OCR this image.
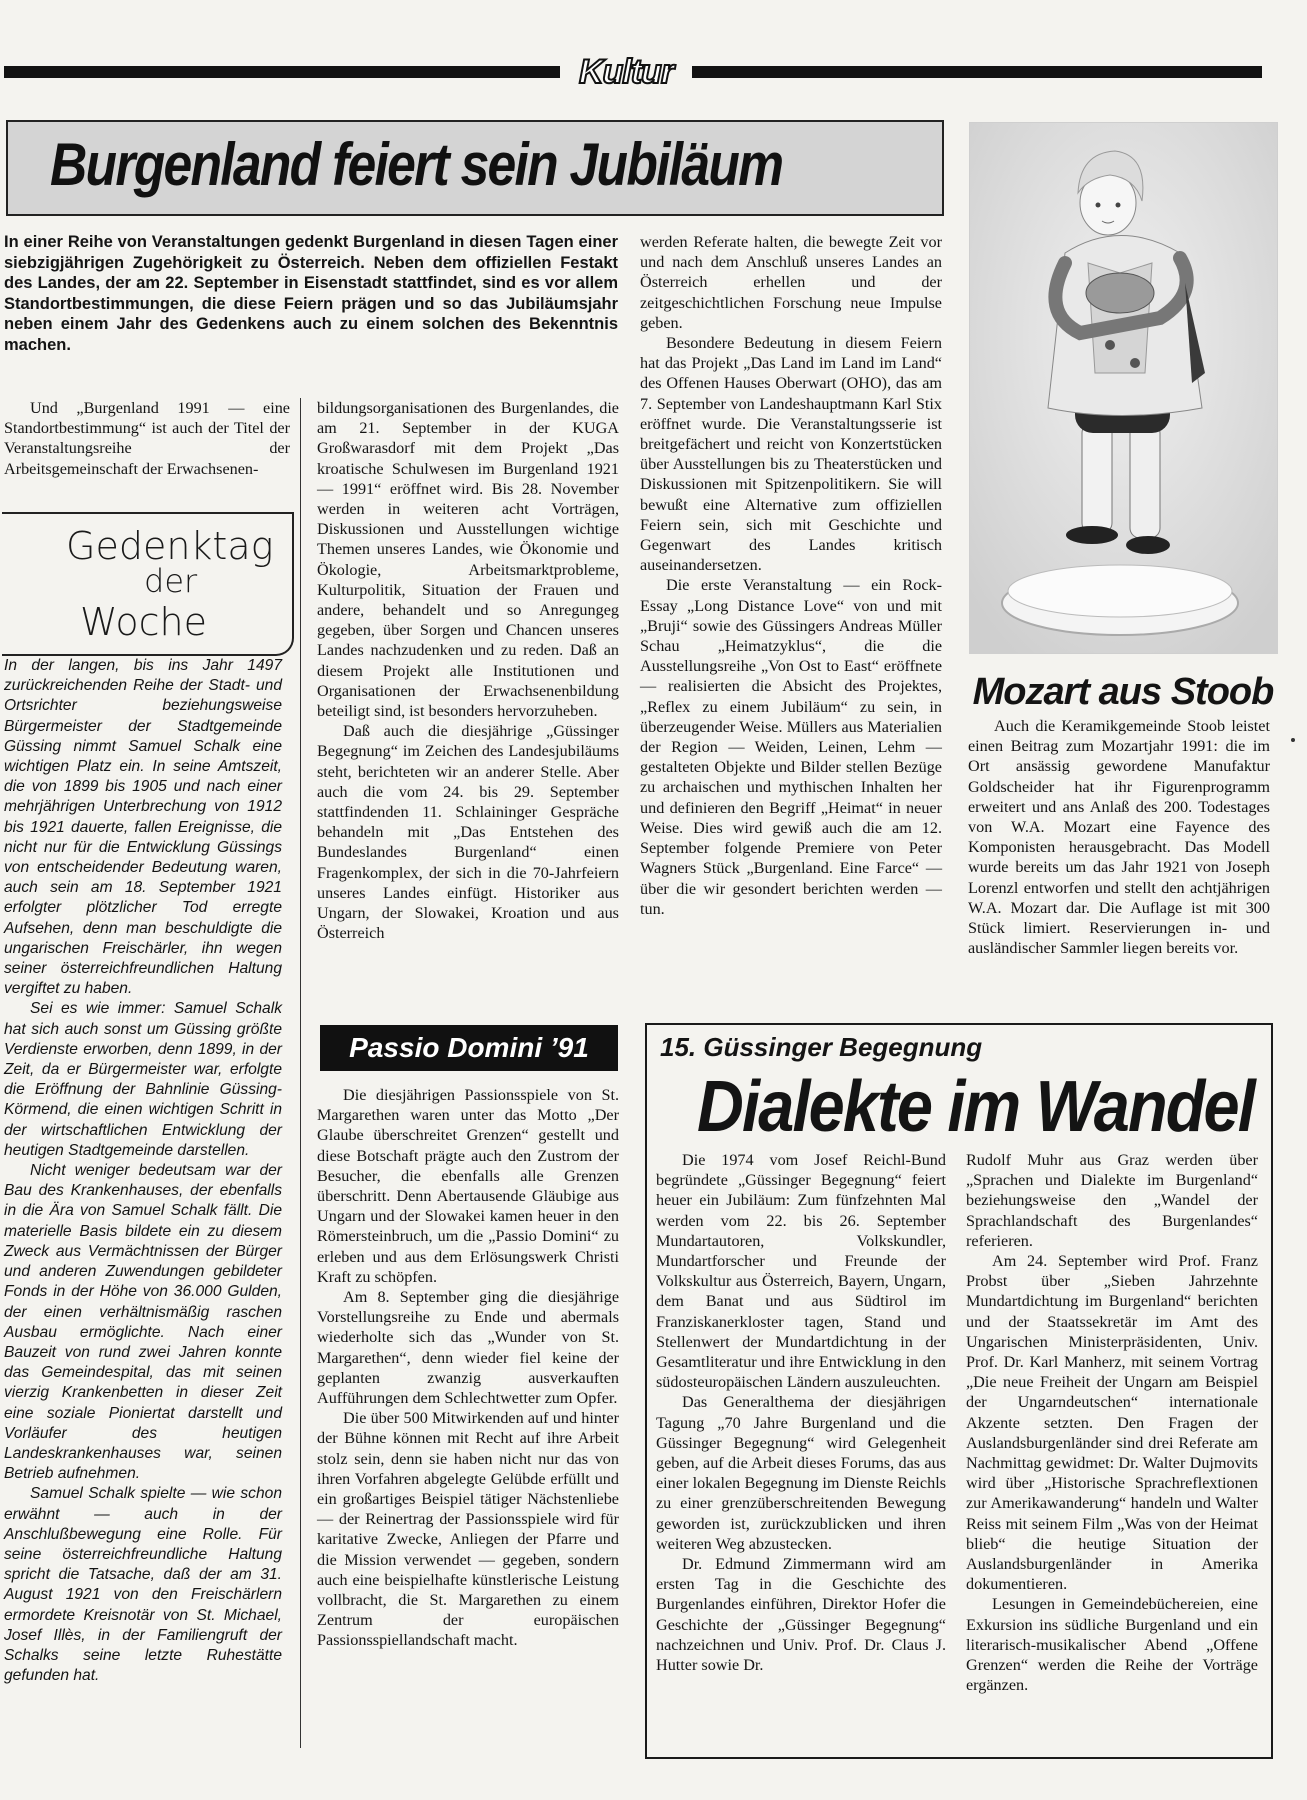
Kultur
Burgenland feiert sein Jubiläum
In einer Reihe von Veranstaltungen gedenkt Burgenland in diesen Tagen einer siebzigjährigen Zugehörigkeit zu Österreich. Neben dem offiziellen Festakt des Landes, der am 22. September in Eisenstadt stattfindet, sind es vor allem Standortbestimmungen, die diese Feiern prägen und so das Jubiläumsjahr neben einem Jahr des Gedenkens auch zu einem solchen des Bekenntnis machen.

Und „Burgenland 1991 — eine Standortbestimmung“ ist auch der Titel der Veranstaltungsreihe der Arbeitsgemeinschaft der Erwachsenen-

Gedenktag
der
Woche

In der langen, bis ins Jahr 1497 zurückreichenden Reihe der Stadt- und Ortsrichter beziehungsweise Bürgermeister der Stadtgemeinde Güssing nimmt Samuel Schalk eine wichtigen Platz ein. In seine Amtszeit, die von 1899 bis 1905 und nach einer mehrjährigen Unterbrechung von 1912 bis 1921 dauerte, fallen Ereignisse, die nicht nur für die Entwicklung Güssings von entscheidender Bedeutung waren, auch sein am 18. September 1921 erfolgter plötzlicher Tod erregte Aufsehen, denn man beschuldigte die ungarischen Freischärler, ihn wegen seiner österreichfreundlichen Haltung vergiftet zu haben.

Sei es wie immer: Samuel Schalk hat sich auch sonst um Güssing größte Verdienste erworben, denn 1899, in der Zeit, da er Bürgermeister war, erfolgte die Eröffnung der Bahnlinie Güssing-Körmend, die einen wichtigen Schritt in der wirtschaftlichen Entwicklung der heutigen Stadtgemeinde darstellen.

Nicht weniger bedeutsam war der Bau des Krankenhauses, der ebenfalls in die Ära von Samuel Schalk fällt. Die materielle Basis bildete ein zu diesem Zweck aus Vermächtnissen der Bürger und anderen Zuwendungen gebildeter Fonds in der Höhe von 36.000 Gulden, der einen verhältnismäßig raschen Ausbau ermöglichte. Nach einer Bauzeit von rund zwei Jahren konnte das Gemeindespital, das mit seinen vierzig Krankenbetten in dieser Zeit eine soziale Pioniertat darstellt und Vorläufer des heutigen Landeskrankenhauses war, seinen Betrieb aufnehmen.

Samuel Schalk spielte — wie schon erwähnt — auch in der Anschlußbewegung eine Rolle. Für seine österreichfreundliche Haltung spricht die Tatsache, daß der am 31. August 1921 von den Freischärlern ermordete Kreisnotär von St. Michael, Josef Illès, in der Familiengruft der Schalks seine letzte Ruhestätte gefunden hat.

bildungsorganisationen des Burgenlandes, die am 21. September in der KUGA Großwarasdorf mit dem Projekt „Das kroatische Schulwesen im Burgenland 1921 — 1991“ eröffnet wird. Bis 28. November werden in weiteren acht Vorträgen, Diskussionen und Ausstellungen wichtige Themen unseres Landes, wie Ökonomie und Ökologie, Arbeitsmarktprobleme, Kulturpolitik, Situation der Frauen und andere, behandelt und so Anregungeg gegeben, über Sorgen und Chancen unseres Landes nachzudenken und zu reden. Daß an diesem Projekt alle Institutionen und Organisationen der Erwachsenenbildung beteiligt sind, ist besonders hervorzuheben.

Daß auch die diesjährige „Güssinger Begegnung“ im Zeichen des Landesjubiläums steht, berichteten wir an anderer Stelle. Aber auch die vom 24. bis 29. September stattfindenden 11. Schlaininger Gespräche behandeln mit „Das Entstehen des Bundeslandes Burgenland“ einen Fragenkomplex, der sich in die 70-Jahrfeiern unseres Landes einfügt. Historiker aus Ungarn, der Slowakei, Kroation und aus Österreich

werden Referate halten, die bewegte Zeit vor und nach dem Anschluß unseres Landes an Österreich erhellen und der zeitgeschichtlichen Forschung neue Impulse geben.

Besondere Bedeutung in diesem Feiern hat das Projekt „Das Land im Land im Land“ des Offenen Hauses Oberwart (OHO), das am 7. September von Landeshauptmann Karl Stix eröffnet wurde. Die Veranstaltungsserie ist breitgefächert und reicht von Konzertstücken über Ausstellungen bis zu Theaterstücken und Diskussionen mit Spitzenpolitikern. Sie will bewußt eine Alternative zum offiziellen Feiern sein, sich mit Geschichte und Gegenwart des Landes kritisch auseinandersetzen.

Die erste Veranstaltung — ein Rock-Essay „Long Distance Love“ von und mit „Bruji“ sowie des Güssingers Andreas Müller Schau „Heimatzyklus“, die die Ausstellungsreihe „Von Ost to East“ eröffnete — realisierten die Absicht des Projektes, „Reflex zu einem Jubiläum“ zu sein, in überzeugender Weise. Müllers aus Materialien der Region — Weiden, Leinen, Lehm — gestalteten Objekte und Bilder stellen Bezüge zu archaischen und mythischen Inhalten her und definieren den Begriff „Heimat“ in neuer Weise. Dies wird gewiß auch die am 12. September folgende Premiere von Peter Wagners Stück „Burgenland. Eine Farce“ — über die wir gesondert berichten werden — tun.

Passio Domini ’91

Die diesjährigen Passionsspiele von St. Margarethen waren unter das Motto „Der Glaube überschreitet Grenzen“ gestellt und diese Botschaft prägte auch den Zustrom der Besucher, die ebenfalls alle Grenzen überschritt. Denn Abertausende Gläubige aus Ungarn und der Slowakei kamen heuer in den Römersteinbruch, um die „Passio Domini“ zu erleben und aus dem Erlösungswerk Christi Kraft zu schöpfen.

Am 8. September ging die diesjährige Vorstellungsreihe zu Ende und abermals wiederholte sich das „Wunder von St. Margarethen“, denn wieder fiel keine der geplanten zwanzig ausverkauften Aufführungen dem Schlechtwetter zum Opfer.

Die über 500 Mitwirkenden auf und hinter der Bühne können mit Recht auf ihre Arbeit stolz sein, denn sie haben nicht nur das von ihren Vorfahren abgelegte Gelübde erfüllt und ein großartiges Beispiel tätiger Nächstenliebe — der Reinertrag der Passionsspiele wird für karitative Zwecke, Anliegen der Pfarre und die Mission verwendet — gegeben, sondern auch eine beispielhafte künstlerische Leistung vollbracht, die St. Margarethen zu einem Zentrum der europäischen Passionsspiellandschaft macht.

Mozart aus Stoob

Auch die Keramikgemeinde Stoob leistet einen Beitrag zum Mozartjahr 1991: die im Ort ansässig gewordene Manufaktur Goldscheider hat ihr Figurenprogramm erweitert und ans Anlaß des 200. Todestages von W.A. Mozart eine Fayence des Komponisten herausgebracht. Das Modell wurde bereits um das Jahr 1921 von Joseph Lorenzl entworfen und stellt den achtjährigen W.A. Mozart dar. Die Auflage ist mit 300 Stück limiert. Reservierungen in- und ausländischer Sammler liegen bereits vor.

15. Güssinger Begegnung
Dialekte im Wandel

Die 1974 vom Josef Reichl-Bund begründete „Güssinger Begegnung“ feiert heuer ein Jubiläum: Zum fünfzehnten Mal werden vom 22. bis 26. September Mundartautoren, Volkskundler, Mundartforscher und Freunde der Volkskultur aus Österreich, Bayern, Ungarn, dem Banat und aus Südtirol im Franziskanerkloster tagen, Stand und Stellenwert der Mundartdichtung in der Gesamtliteratur und ihre Entwicklung in den südosteuropäischen Ländern auszuleuchten.

Das Generalthema der diesjährigen Tagung „70 Jahre Burgenland und die Güssinger Begegnung“ wird Gelegenheit geben, auf die Arbeit dieses Forums, das aus einer lokalen Begegnung im Dienste Reichls zu einer grenzüberschreitenden Bewegung geworden ist, zurückzublicken und ihren weiteren Weg abzustecken.

Dr. Edmund Zimmermann wird am ersten Tag in die Geschichte des Burgenlandes einführen, Direktor Hofer die Geschichte der „Güssinger Begegnung“ nachzeichnen und Univ. Prof. Dr. Claus J. Hutter sowie Dr.

Rudolf Muhr aus Graz werden über „Sprachen und Dialekte im Burgenland“ beziehungsweise den „Wandel der Sprachlandschaft des Burgenlandes“ referieren.

Am 24. September wird Prof. Franz Probst über „Sieben Jahrzehnte Mundartdichtung im Burgenland“ berichten und der Staatssekretär im Amt des Ungarischen Ministerpräsidenten, Univ. Prof. Dr. Karl Manherz, mit seinem Vortrag „Die neue Freiheit der Ungarn am Beispiel der Ungarndeutschen“ internationale Akzente setzten. Den Fragen der Auslandsburgenländer sind drei Referate am Nachmittag gewidmet: Dr. Walter Dujmovits wird über „Historische Sprachreflextionen zur Amerikawanderung“ handeln und Walter Reiss mit seinem Film „Was von der Heimat blieb“ die heutige Situation der Auslandsburgenländer in Amerika dokumentieren.

Lesungen in Gemeindebüchereien, eine Exkursion ins südliche Burgenland und ein literarisch-musikalischer Abend „Offene Grenzen“ werden die Reihe der Vorträge ergänzen.
